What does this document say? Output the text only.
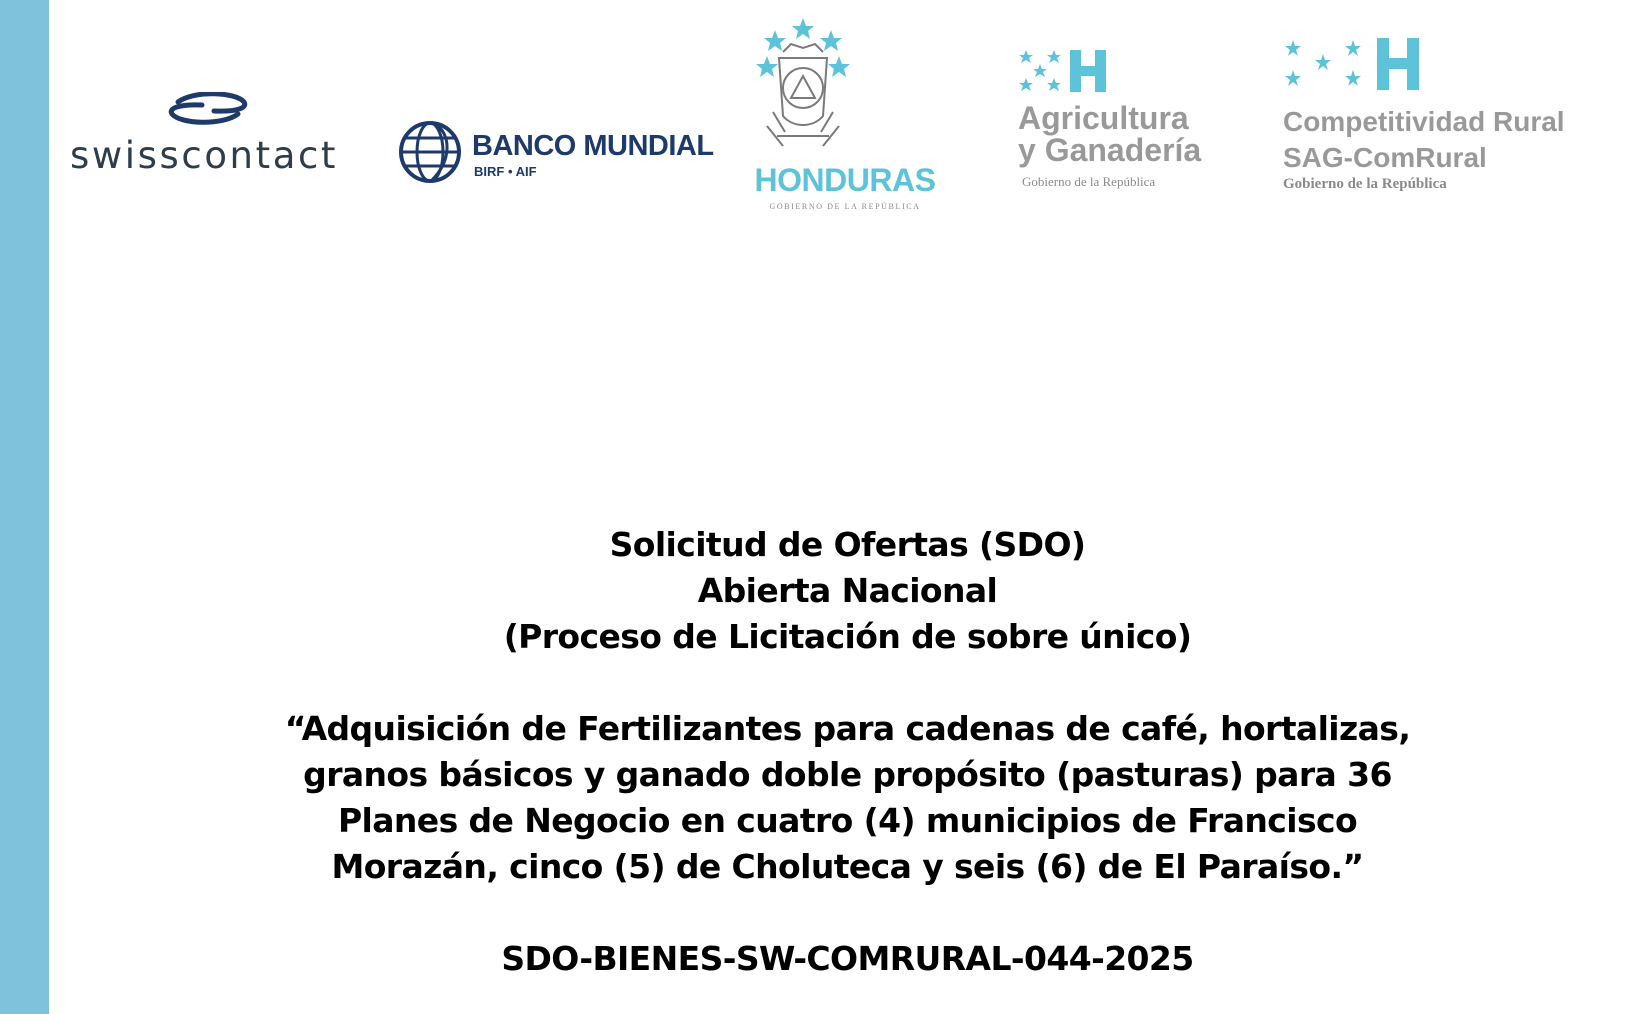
swisscontact	BANCO MUNDIAL
BIRF • AIF	HONDURAS
GOBIERNO DE LA REPÚBLICA
Agricultura
y Ganadería
Gobierno de la República
Competitividad Rural
SAG-ComRural
Gobierno de la República
Solicitud de Ofertas (SDO)
Abierta Nacional
(Proceso de Licitación de sobre único)
“Adquisición de Fertilizantes para cadenas de café, hortalizas,
granos básicos y ganado doble propósito (pasturas) para 36
Planes de Negocio en cuatro (4) municipios de Francisco
Morazán, cinco (5) de Choluteca y seis (6) de El Paraíso.”
SDO-BIENES-SW-COMRURAL-044-2025
